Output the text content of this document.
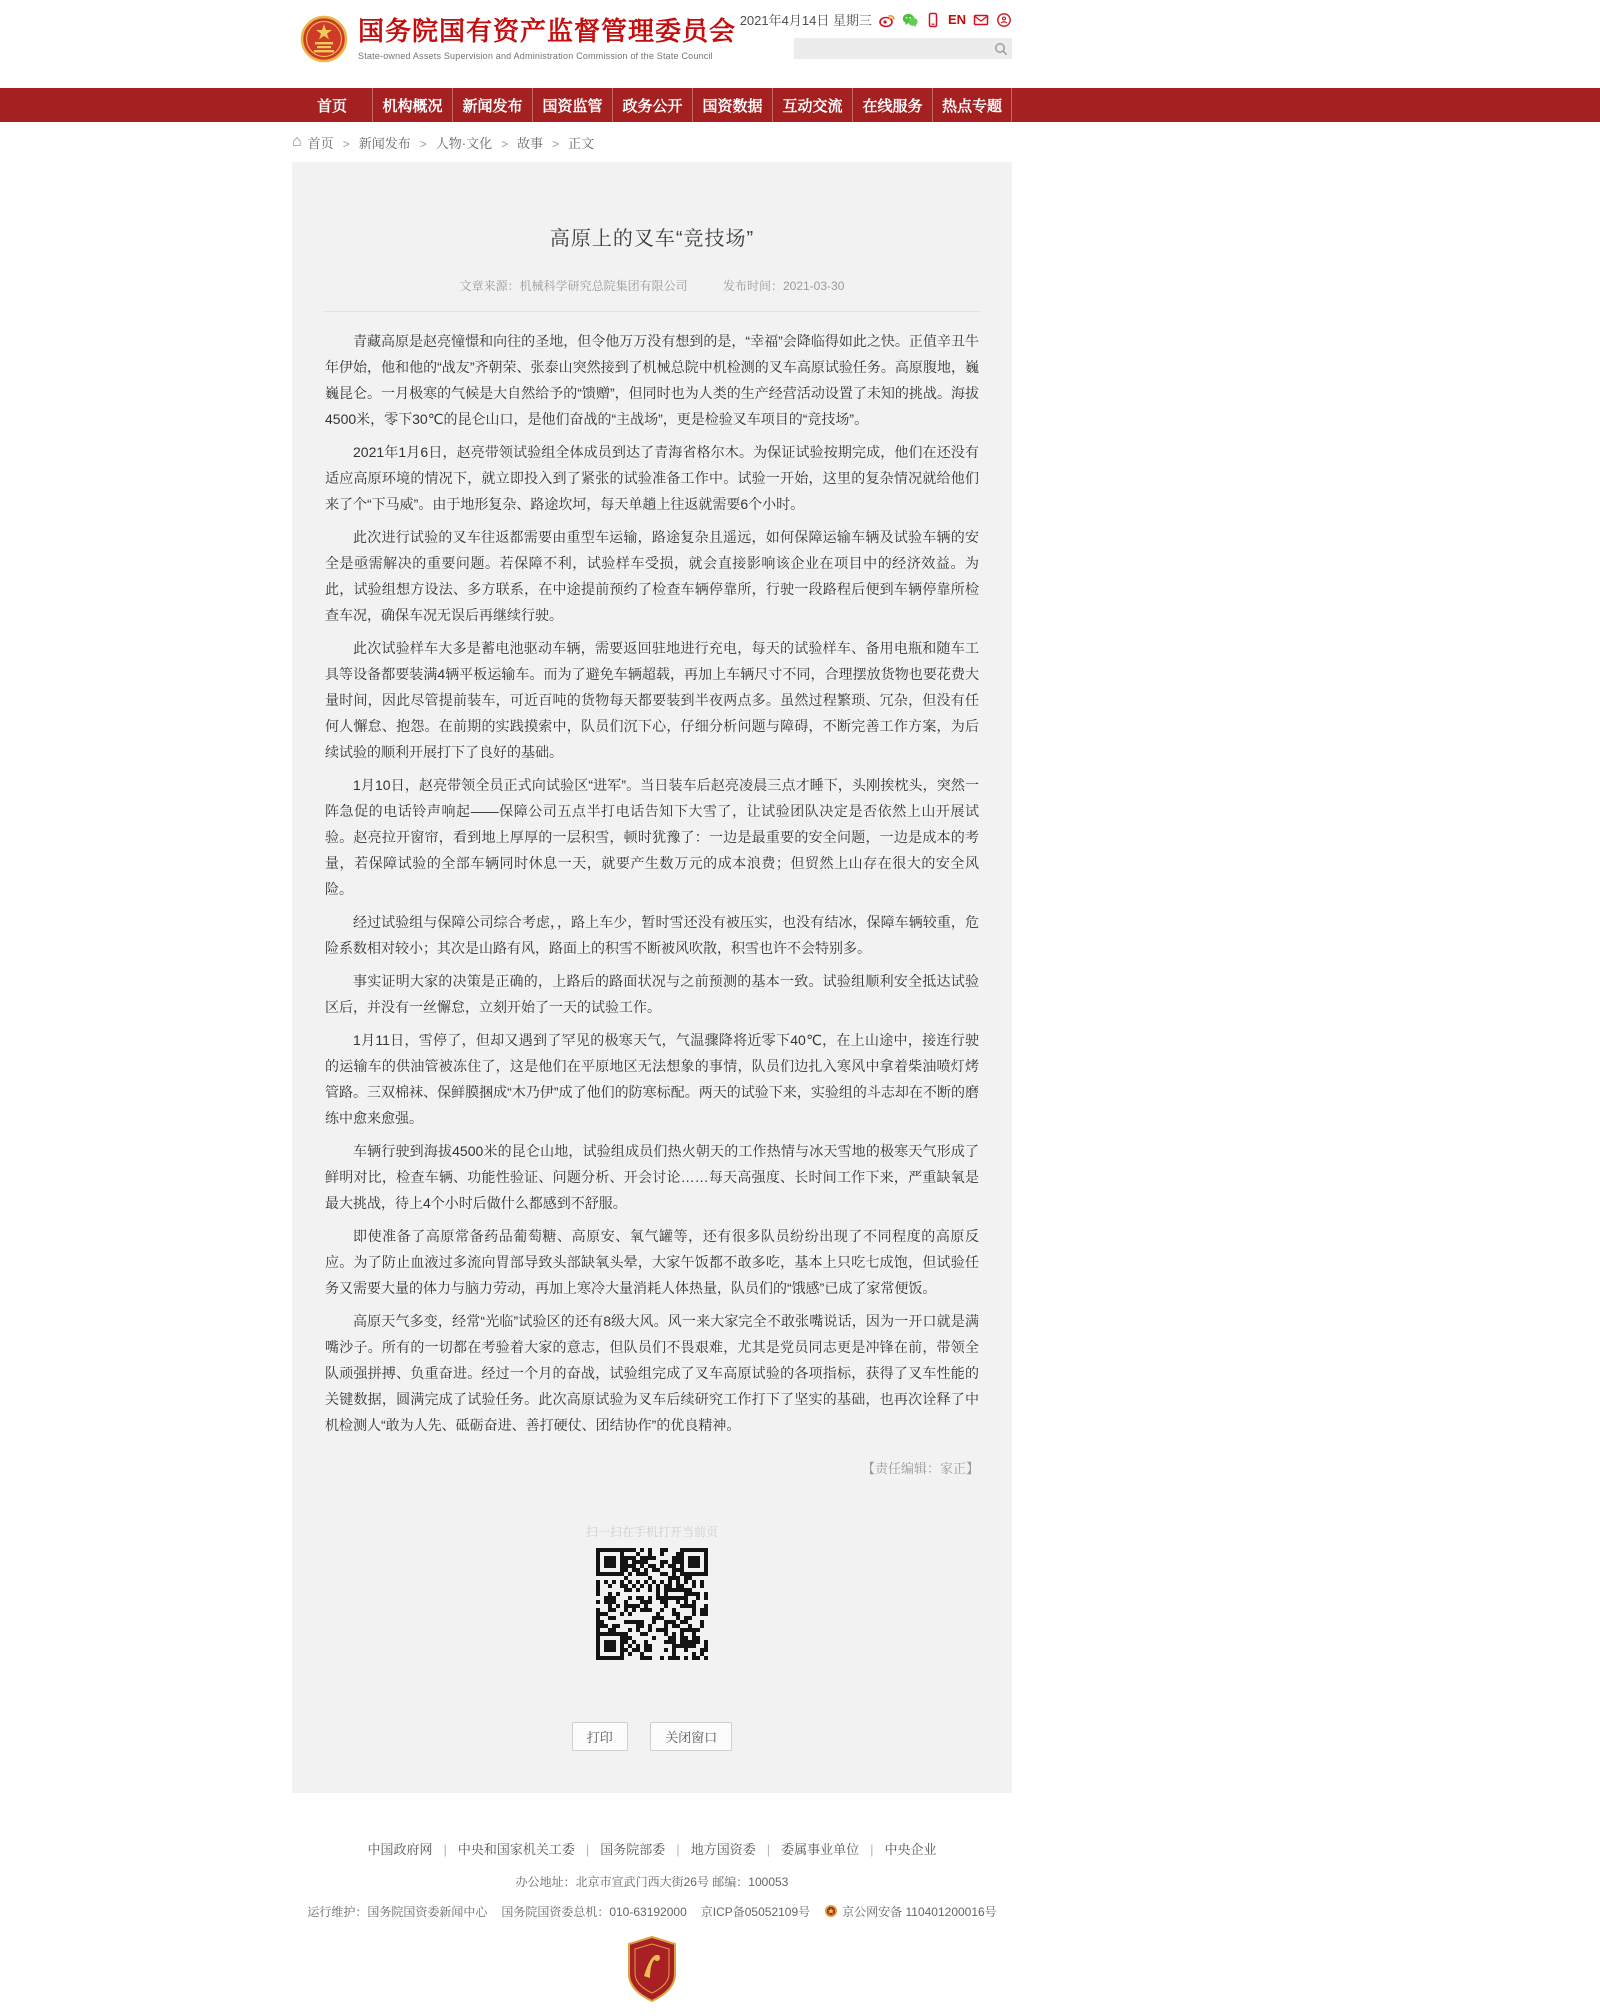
国务院国有资产监督管理委员会
State-owned Assets Supervision and Administration Commission of the State Council
2021年4月14日 星期三	EN
首页	机构概况	新闻发布	国资监管	政务公开	国资数据	互动交流	在线服务	热点专题
⌂ 首页	> 新闻发布	> 人物·文化	> 故事	> 正文
高原上的叉车“竞技场”
文章来源：机械科学研究总院集团有限公司	发布时间：2021-03-30

青藏高原是赵亮憧憬和向往的圣地，但令他万万没有想到的是，“幸福”会降临得如此之快。正值辛丑牛年伊始，他和他的“战友”齐朝荣、张泰山突然接到了机械总院中机检测的叉车高原试验任务。高原腹地，巍巍昆仑。一月极寒的气候是大自然给予的“馈赠”，但同时也为人类的生产经营活动设置了未知的挑战。海拔4500米，零下30℃的昆仑山口，是他们奋战的“主战场”，更是检验叉车项目的“竞技场”。

2021年1月6日，赵亮带领试验组全体成员到达了青海省格尔木。为保证试验按期完成，他们在还没有适应高原环境的情况下，就立即投入到了紧张的试验准备工作中。试验一开始，这里的复杂情况就给他们来了个“下马威”。由于地形复杂、路途坎坷，每天单趟上往返就需要6个小时。

此次进行试验的叉车往返都需要由重型车运输，路途复杂且遥远，如何保障运输车辆及试验车辆的安全是亟需解决的重要问题。若保障不利，试验样车受损，就会直接影响该企业在项目中的经济效益。为此，试验组想方设法、多方联系，在中途提前预约了检查车辆停靠所，行驶一段路程后便到车辆停靠所检查车况，确保车况无误后再继续行驶。

此次试验样车大多是蓄电池驱动车辆，需要返回驻地进行充电，每天的试验样车、备用电瓶和随车工具等设备都要装满4辆平板运输车。而为了避免车辆超载，再加上车辆尺寸不同，合理摆放货物也要花费大量时间，因此尽管提前装车，可近百吨的货物每天都要装到半夜两点多。虽然过程繁琐、冗杂，但没有任何人懈怠、抱怨。在前期的实践摸索中，队员们沉下心，仔细分析问题与障碍，不断完善工作方案，为后续试验的顺利开展打下了良好的基础。

1月10日，赵亮带领全员正式向试验区“进军”。当日装车后赵亮凌晨三点才睡下，头刚挨枕头，突然一阵急促的电话铃声响起——保障公司五点半打电话告知下大雪了，让试验团队决定是否依然上山开展试验。赵亮拉开窗帘，看到地上厚厚的一层积雪，顿时犹豫了：一边是最重要的安全问题，一边是成本的考量，若保障试验的全部车辆同时休息一天，就要产生数万元的成本浪费；但贸然上山存在很大的安全风险。

经过试验组与保障公司综合考虑，，路上车少，暂时雪还没有被压实，也没有结冰，保障车辆较重，危险系数相对较小；其次是山路有风，路面上的积雪不断被风吹散，积雪也许不会特别多。

事实证明大家的决策是正确的，上路后的路面状况与之前预测的基本一致。试验组顺利安全抵达试验区后，并没有一丝懈怠，立刻开始了一天的试验工作。

1月11日，雪停了，但却又遇到了罕见的极寒天气，气温骤降将近零下40℃，在上山途中，接连行驶的运输车的供油管被冻住了，这是他们在平原地区无法想象的事情，队员们边扎入寒风中拿着柴油喷灯烤管路。三双棉袜、保鲜膜捆成“木乃伊”成了他们的防寒标配。两天的试验下来，实验组的斗志却在不断的磨练中愈来愈强。

车辆行驶到海拔4500米的昆仑山地，试验组成员们热火朝天的工作热情与冰天雪地的极寒天气形成了鲜明对比，检查车辆、功能性验证、问题分析、开会讨论……每天高强度、长时间工作下来，严重缺氧是最大挑战，待上4个小时后做什么都感到不舒服。

即使准备了高原常备药品葡萄糖、高原安、氧气罐等，还有很多队员纷纷出现了不同程度的高原反应。为了防止血液过多流向胃部导致头部缺氧头晕，大家午饭都不敢多吃，基本上只吃七成饱，但试验任务又需要大量的体力与脑力劳动，再加上寒冷大量消耗人体热量，队员们的“饿感”已成了家常便饭。

高原天气多变，经常“光临”试验区的还有8级大风。风一来大家完全不敢张嘴说话，因为一开口就是满嘴沙子。所有的一切都在考验着大家的意志，但队员们不畏艰难，尤其是党员同志更是冲锋在前，带领全队顽强拼搏、负重奋进。经过一个月的奋战，试验组完成了叉车高原试验的各项指标，获得了叉车性能的关键数据，圆满完成了试验任务。此次高原试验为叉车后续研究工作打下了坚实的基础，也再次诠释了中机检测人“敢为人先、砥砺奋进、善打硬仗、团结协作”的优良精神。

【责任编辑：家正】
扫一扫在手机打开当前页
打印	关闭窗口
中国政府网 | 中央和国家机关工委 | 国务院部委 | 地方国资委 | 委属事业单位 | 中央企业
办公地址：北京市宣武门西大街26号 邮编：100053
运行维护：国务院国资委新闻中心 国务院国资委总机：010-63192000 京ICP备05052109号	京公网安备 110401200016号
